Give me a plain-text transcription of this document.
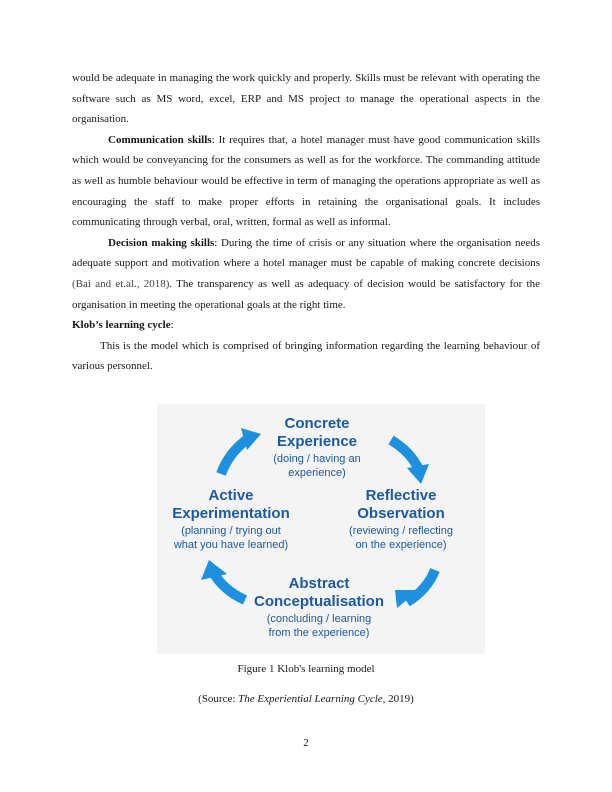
would be adequate in managing the work quickly and properly. Skills must be relevant with operating the software such as MS word, excel, ERP and MS project to manage the operational aspects in the organisation.

Communication skills: It requires that, a hotel manager must have good communication skills which would be conveyancing for the consumers as well as for the workforce. The commanding attitude as well as humble behaviour would be effective in term of managing the operations appropriate as well as encouraging the staff to make proper efforts in retaining the organisational goals. It includes communicating through verbal, oral, written, formal as well as informal.

Decision making skills: During the time of crisis or any situation where the organisation needs adequate support and motivation where a hotel manager must be capable of making concrete decisions (Bai and et.al., 2018). The transparency as well as adequacy of decision would be satisfactory for the organisation in meeting the operational goals at the right time.

Klob’s learning cycle:

This is the model which is comprised of bringing information regarding the learning behaviour of various personnel.

Concrete
Experience
(doing / having an
experience)
Reflective
Observation
(reviewing / reflecting
on the experience)
Active
Experimentation
(planning / trying out
what you have learned)
Abstract
Conceptualisation
(concluding / learning
from the experience)
Figure 1 Klob's learning model
(Source: The Experiential Learning Cycle, 2019)
2
